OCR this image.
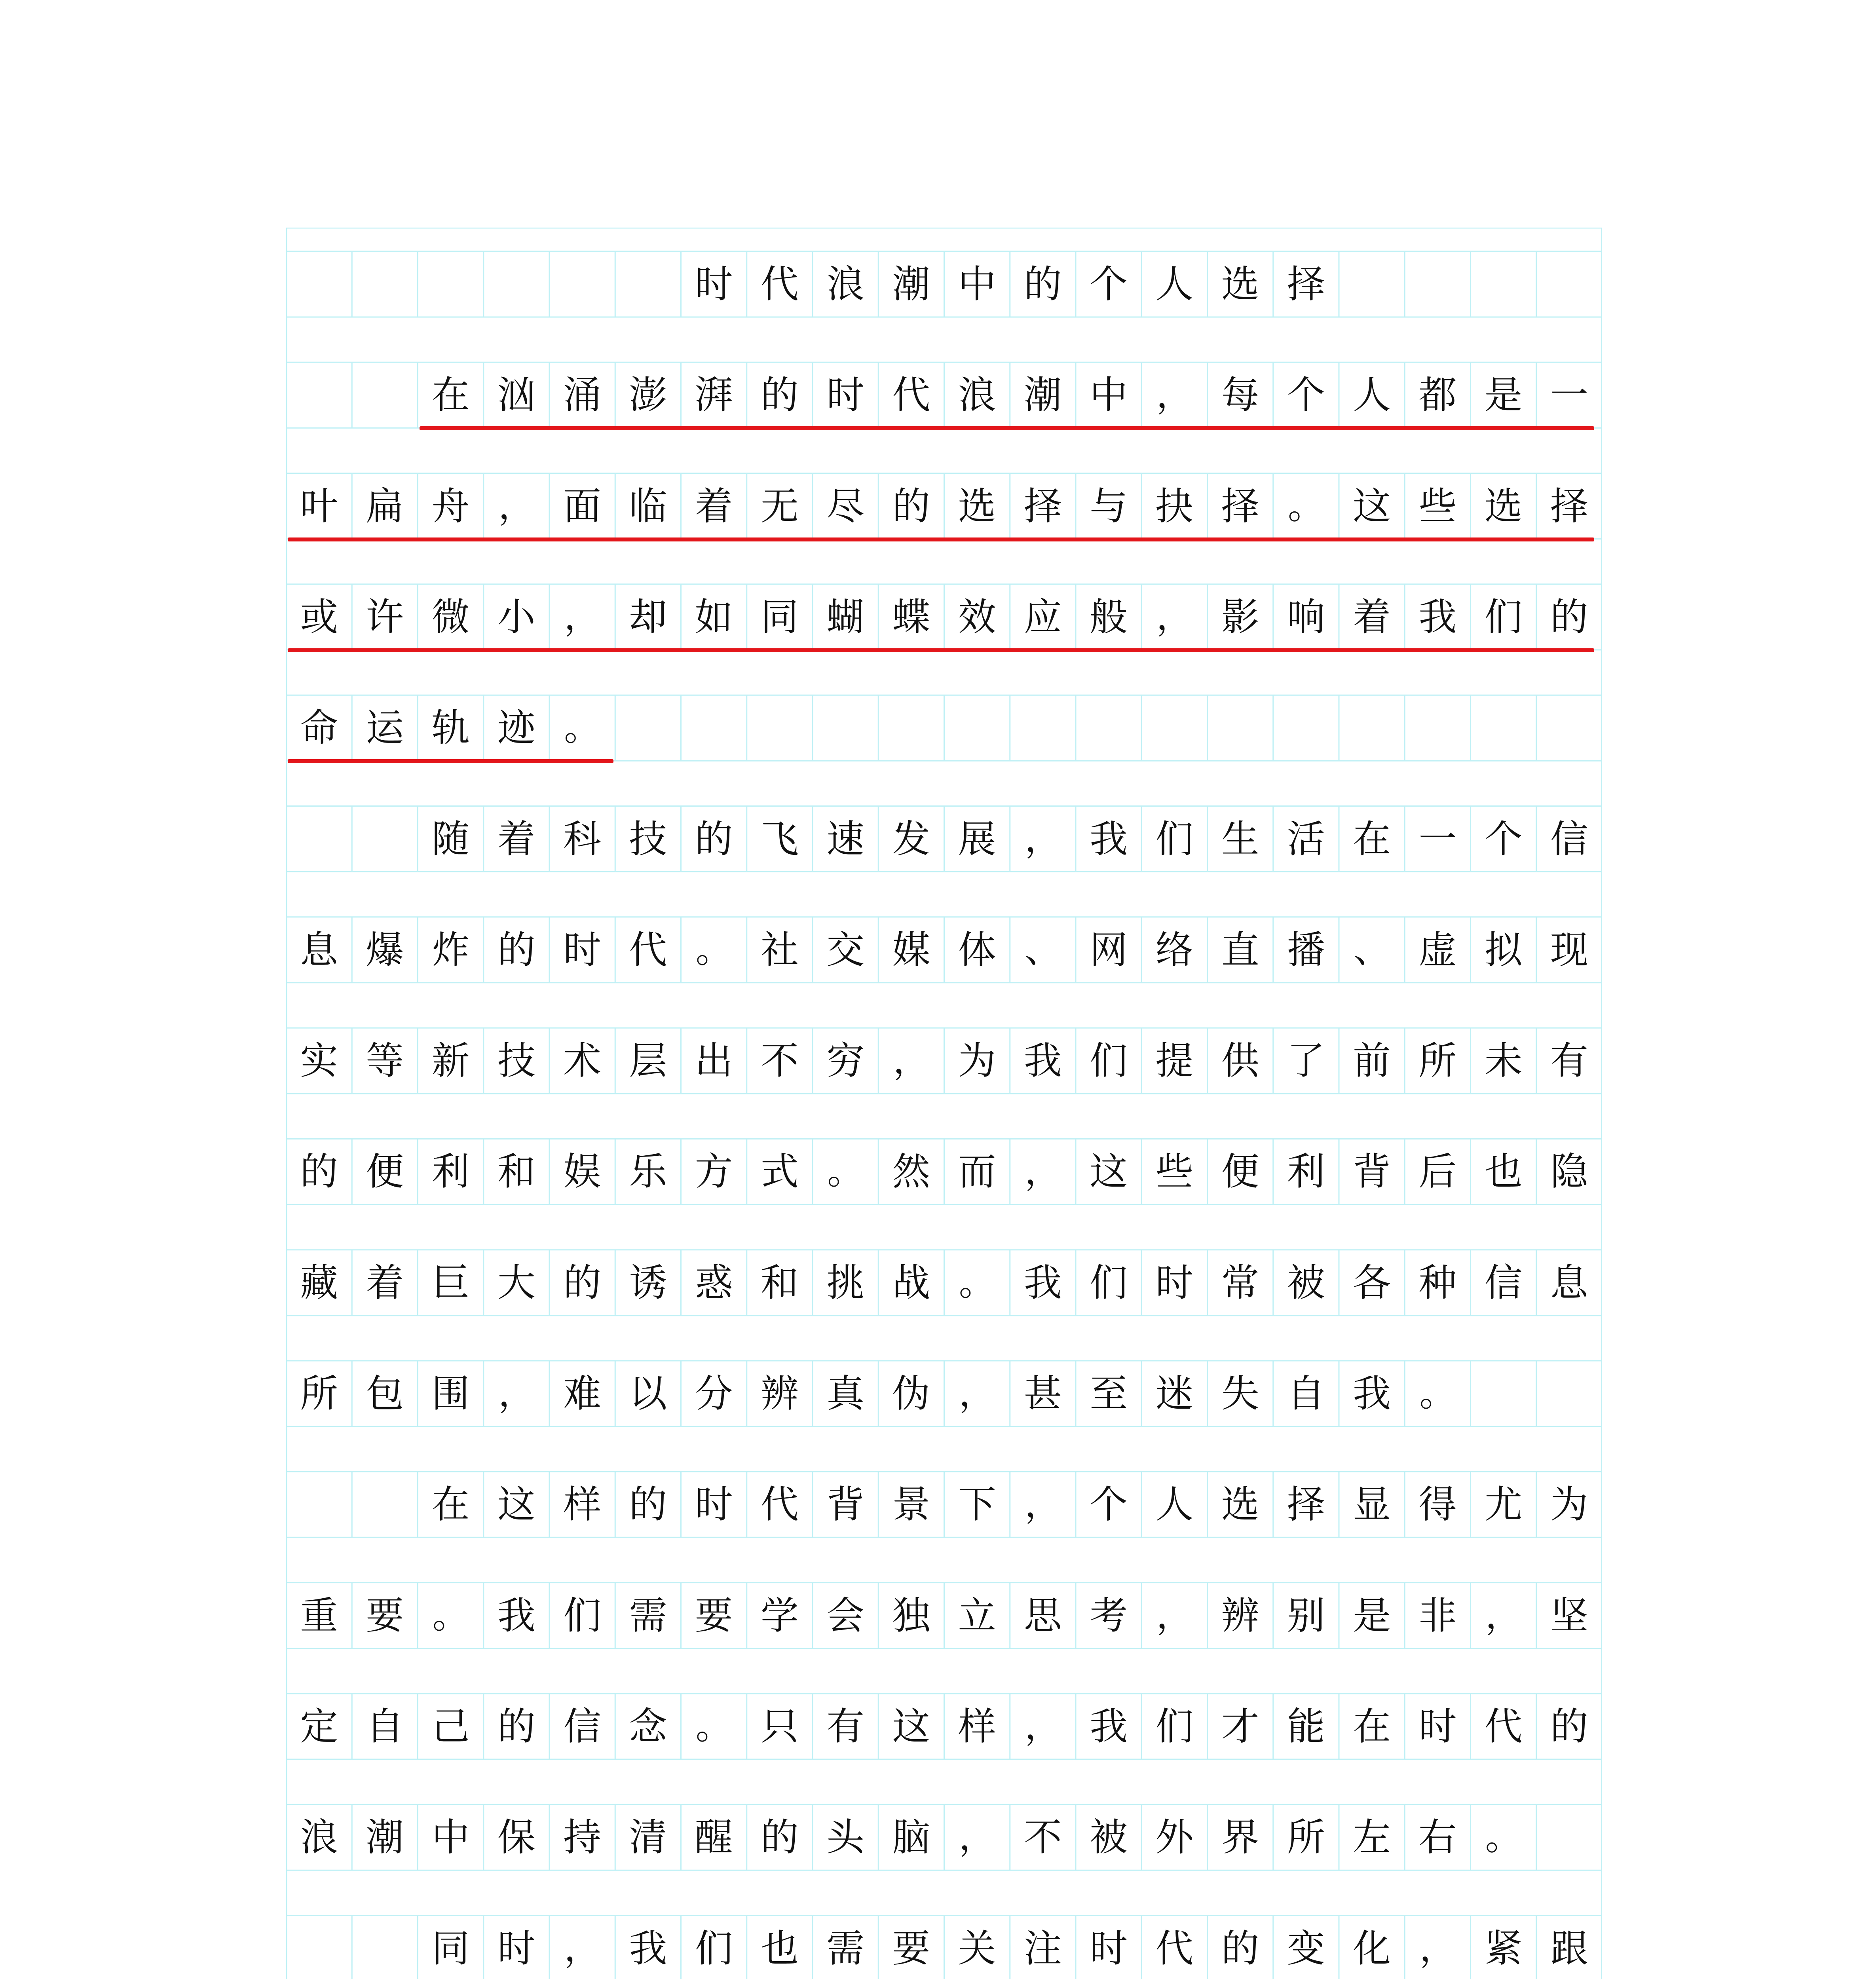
时 代 浪 潮 中 的 个 人 选 择
在 汹 涌 澎 湃 的 时 代 浪 潮 中 ， 每 个 人 都 是 一
叶 扁 舟 ， 面 临 着 无 尽 的 选 择 与 抉 择 。 这 些 选 择
或 许 微 小 ， 却 如 同 蝴 蝶 效 应 般 ， 影 响 着 我 们 的
命 运 轨 迹 。
随 着 科 技 的 飞 速 发 展 ， 我 们 生 活 在 一 个 信
息 爆 炸 的 时 代 。 社 交 媒 体 、 网 络 直 播 、 虚 拟 现
实 等 新 技 术 层 出 不 穷 ， 为 我 们 提 供 了 前 所 未 有
的 便 利 和 娱 乐 方 式 。 然 而 ， 这 些 便 利 背 后 也 隐
藏 着 巨 大 的 诱 惑 和 挑 战 。 我 们 时 常 被 各 种 信 息
所 包 围 ， 难 以 分 辨 真 伪 ， 甚 至 迷 失 自 我 。
在 这 样 的 时 代 背 景 下 ， 个 人 选 择 显 得 尤 为
重 要 。 我 们 需 要 学 会 独 立 思 考 ， 辨 别 是 非 ， 坚
定 自 己 的 信 念 。 只 有 这 样 ， 我 们 才 能 在 时 代 的
浪 潮 中 保 持 清 醒 的 头 脑 ， 不 被 外 界 所 左 右 。
同 时 ， 我 们 也 需 要 关 注 时 代 的 变 化 ， 紧 跟
